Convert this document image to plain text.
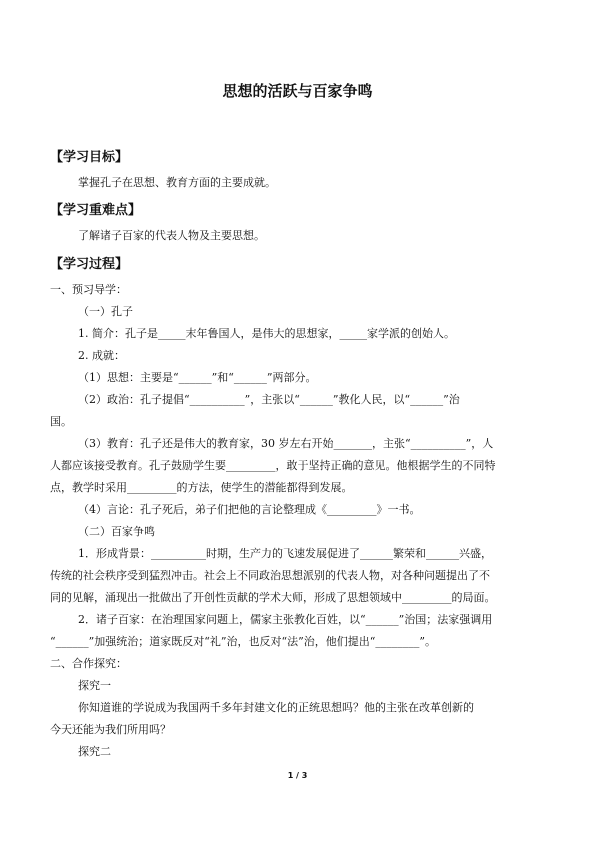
思想的活跃与百家争鸣
【学习目标】
掌握孔子在思想、教育方面的主要成就。
【学习重难点】
了解诸子百家的代表人物及主要思想。
【学习过程】
一、预习导学：
（一）孔子
1. 简介：孔子是_____末年鲁国人，是伟大的思想家，_____家学派的创始人。
2. 成就：
（1）思想：主要是“______”和“______”两部分。
（2）政治：孔子提倡“__________”，主张以“______”教化人民，以“______”治
国。
（3）教育：孔子还是伟大的教育家，30 岁左右开始_______，主张“__________”，人
人都应该接受教育。孔子鼓励学生要_________，敢于坚持正确的意见。他根据学生的不同特
点，教学时采用_________的方法，使学生的潜能都得到发展。
（4）言论：孔子死后，弟子们把他的言论整理成《_________》一书。
（二）百家争鸣
1．形成背景：__________时期，生产力的飞速发展促进了______繁荣和______兴盛，
传统的社会秩序受到猛烈冲击。社会上不同政治思想派别的代表人物，对各种问题提出了不
同的见解，涌现出一批做出了开创性贡献的学术大师，形成了思想领域中_________的局面。
2．诸子百家：在治理国家问题上，儒家主张教化百姓，以“______”治国；法家强调用
“______”加强统治；道家既反对“礼”治，也反对“法”治，他们提出“________”。
二、合作探究：
探究一
你知道谁的学说成为我国两千多年封建文化的正统思想吗？他的主张在改革创新的
今天还能为我们所用吗？
探究二
1 / 3
